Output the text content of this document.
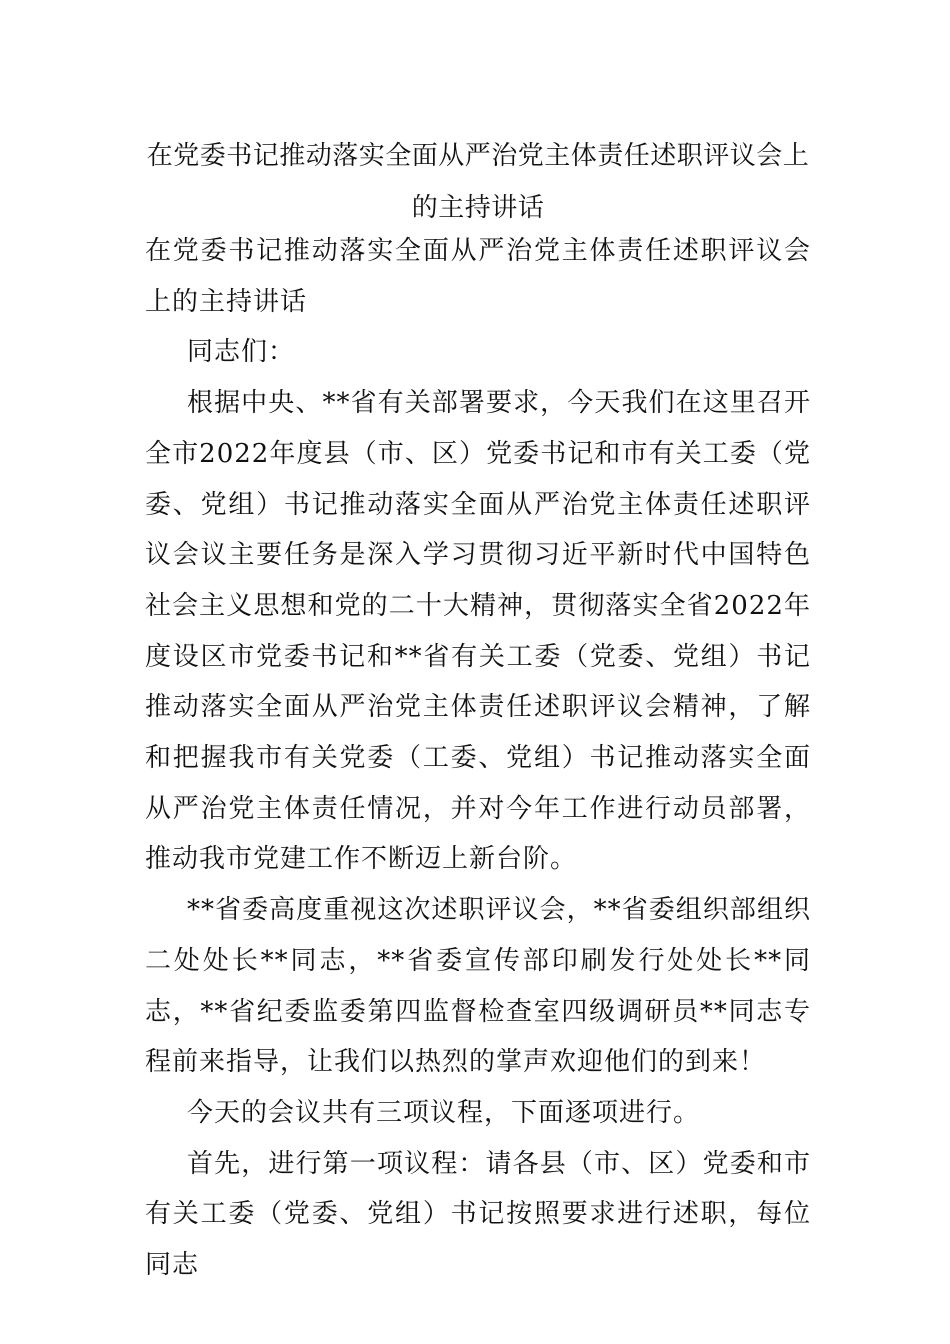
在党委书记推动落实全面从严治党主体责任述职评议会上的主持讲话

在党委书记推动落实全面从严治党主体责任述职评议会上的主持讲话

同志们：

根据中央、**省有关部署要求，今天我们在这里召开全市2022年度县（市、区）党委书记和市有关工委（党委、党组）书记推动落实全面从严治党主体责任述职评议会议主要任务是深入学习贯彻习近平新时代中国特色社会主义思想和党的二十大精神，贯彻落实全省2022年度设区市党委书记和**省有关工委（党委、党组）书记推动落实全面从严治党主体责任述职评议会精神，了解和把握我市有关党委（工委、党组）书记推动落实全面从严治党主体责任情况，并对今年工作进行动员部署，推动我市党建工作不断迈上新台阶。

**省委高度重视这次述职评议会，**省委组织部组织二处处长**同志，**省委宣传部印刷发行处处长**同志，**省纪委监委第四监督检查室四级调研员**同志专程前来指导，让我们以热烈的掌声欢迎他们的到来！

今天的会议共有三项议程，下面逐项进行。

首先，进行第一项议程：请各县（市、区）党委和市有关工委（党委、党组）书记按照要求进行述职，每位同志
